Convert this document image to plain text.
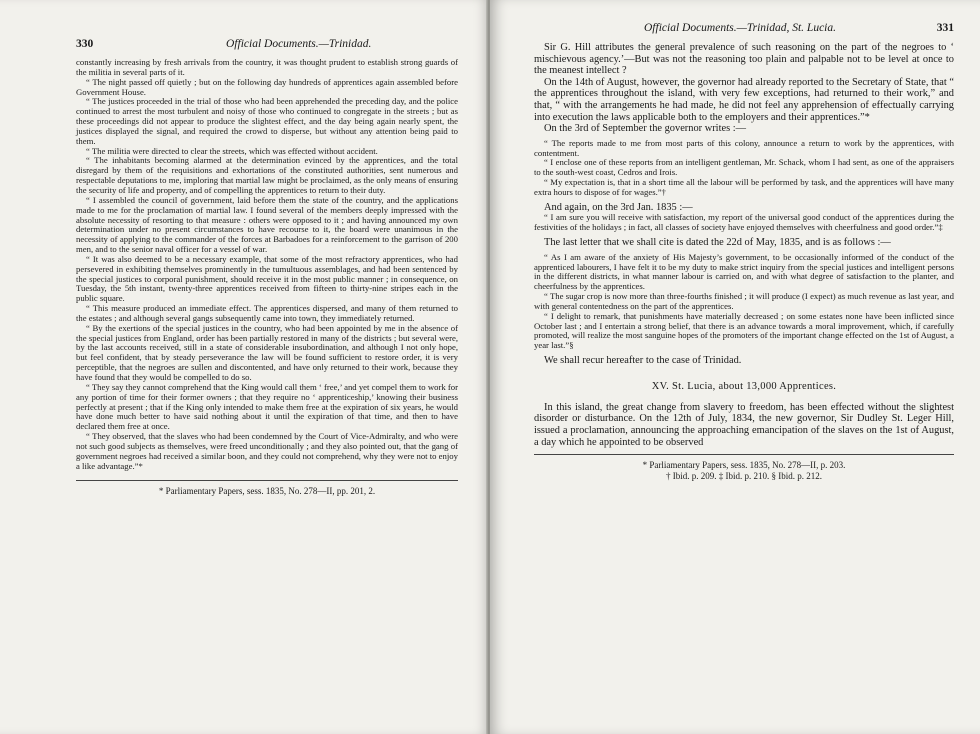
330	Official Documents.—Trinidad.

constantly increasing by fresh arrivals from the country, it was thought prudent to establish strong guards of the militia in several parts of it.

“ The night passed off quietly ; but on the following day hundreds of apprentices again assembled before Government House.

“ The justices proceeded in the trial of those who had been apprehended the preceding day, and the police continued to arrest the most turbulent and noisy of those who continued to congregate in the streets ; but as these proceedings did not appear to produce the slightest effect, and the day being again nearly spent, the justices displayed the signal, and required the crowd to disperse, but without any attention being paid to them.

“ The militia were directed to clear the streets, which was effected without accident.

“ The inhabitants becoming alarmed at the determination evinced by the apprentices, and the total disregard by them of the requisitions and exhortations of the constituted authorities, sent numerous and respectable deputations to me, imploring that martial law might be proclaimed, as the only means of ensuring the security of life and property, and of compelling the apprentices to return to their duty.

“ I assembled the council of government, laid before them the state of the country, and the applications made to me for the proclamation of martial law. I found several of the members deeply impressed with the absolute necessity of resorting to that measure : others were opposed to it ; and having announced my own determination under no present circumstances to have recourse to it, the board were unanimous in the necessity of applying to the commander of the forces at Barbadoes for a reinforcement to the garrison of 200 men, and to the senior naval officer for a vessel of war.

“ It was also deemed to be a necessary example, that some of the most refractory apprentices, who had persevered in exhibiting themselves prominently in the tumultuous assemblages, and had been sentenced by the special justices to corporal punishment, should receive it in the most public manner ; in consequence, on Tuesday, the 5th instant, twenty-three apprentices received from fifteen to thirty-nine stripes each in the public square.

“ This measure produced an immediate effect. The apprentices dispersed, and many of them returned to the estates ; and although several gangs subsequently came into town, they immediately returned.

“ By the exertions of the special justices in the country, who had been appointed by me in the absence of the special justices from England, order has been partially restored in many of the districts ; but several were, by the last accounts received, still in a state of considerable insubordination, and although I not only hope, but feel confident, that by steady perseverance the law will be found sufficient to restore order, it is very perceptible, that the negroes are sullen and discontented, and have only returned to their work, because they have found that they would be compelled to do so.

“ They say they cannot comprehend that the King would call them ‘ free,’ and yet compel them to work for any portion of time for their former owners ; that they require no ‘ apprenticeship,’ knowing their business perfectly at present ; that if the King only intended to make them free at the expiration of six years, he would have done much better to have said nothing about it until the expiration of that time, and then to have declared them free at once.

“ They observed, that the slaves who had been condemned by the Court of Vice-Admiralty, and who were not such good subjects as themselves, were freed unconditionally ; and they also pointed out, that the gang of government negroes had received a similar boon, and they could not comprehend, why they were not to enjoy a like advantage.”*

* Parliamentary Papers, sess. 1835, No. 278—II, pp. 201, 2.
Official Documents.—Trinidad, St. Lucia.	331

Sir G. Hill attributes the general prevalence of such reasoning on the part of the negroes to ‘ mischievous agency.’—But was not the reasoning too plain and palpable not to be level at once to the meanest intellect ?

On the 14th of August, however, the governor had already reported to the Secretary of State, that “ the apprentices throughout the island, with very few exceptions, had returned to their work,” and that, “ with the arrangements he had made, he did not feel any apprehension of effectually carrying into execution the laws applicable both to the employers and their apprentices.”*

On the 3rd of September the governor writes :—

“ The reports made to me from most parts of this colony, announce a return to work by the apprentices, with contentment.

“ I enclose one of these reports from an intelligent gentleman, Mr. Schack, whom I had sent, as one of the appraisers to the south-west coast, Cedros and Irois.

“ My expectation is, that in a short time all the labour will be performed by task, and the apprentices will have many extra hours to dispose of for wages.”†

And again, on the 3rd Jan. 1835 :—

“ I am sure you will receive with satisfaction, my report of the universal good conduct of the apprentices during the festivities of the holidays ; in fact, all classes of society have enjoyed themselves with cheerfulness and good order.”‡

The last letter that we shall cite is dated the 22d of May, 1835, and is as follows :—

“ As I am aware of the anxiety of His Majesty’s government, to be occasionally informed of the conduct of the apprenticed labourers, I have felt it to be my duty to make strict inquiry from the special justices and intelligent persons in the different districts, in what manner labour is carried on, and with what degree of satisfaction to the planter, and cheerfulness by the apprentices.

“ The sugar crop is now more than three-fourths finished ; it will produce (I expect) as much revenue as last year, and with general contentedness on the part of the apprentices.

“ I delight to remark, that punishments have materially decreased ; on some estates none have been inflicted since October last ; and I entertain a strong belief, that there is an advance towards a moral improvement, which, if carefully promoted, will realize the most sanguine hopes of the promoters of the important change effected on the 1st of August, a year last.”§

We shall recur hereafter to the case of Trinidad.

XV. St. Lucia, about 13,000 Apprentices.

In this island, the great change from slavery to freedom, has been effected without the slightest disorder or disturbance. On the 12th of July, 1834, the new governor, Sir Dudley St. Leger Hill, issued a proclamation, announcing the approaching emancipation of the slaves on the 1st of August, a day which he appointed to be observed

* Parliamentary Papers, sess. 1835, No. 278—II, p. 203.
† Ibid. p. 209. ‡ Ibid. p. 210. § Ibid. p. 212.
